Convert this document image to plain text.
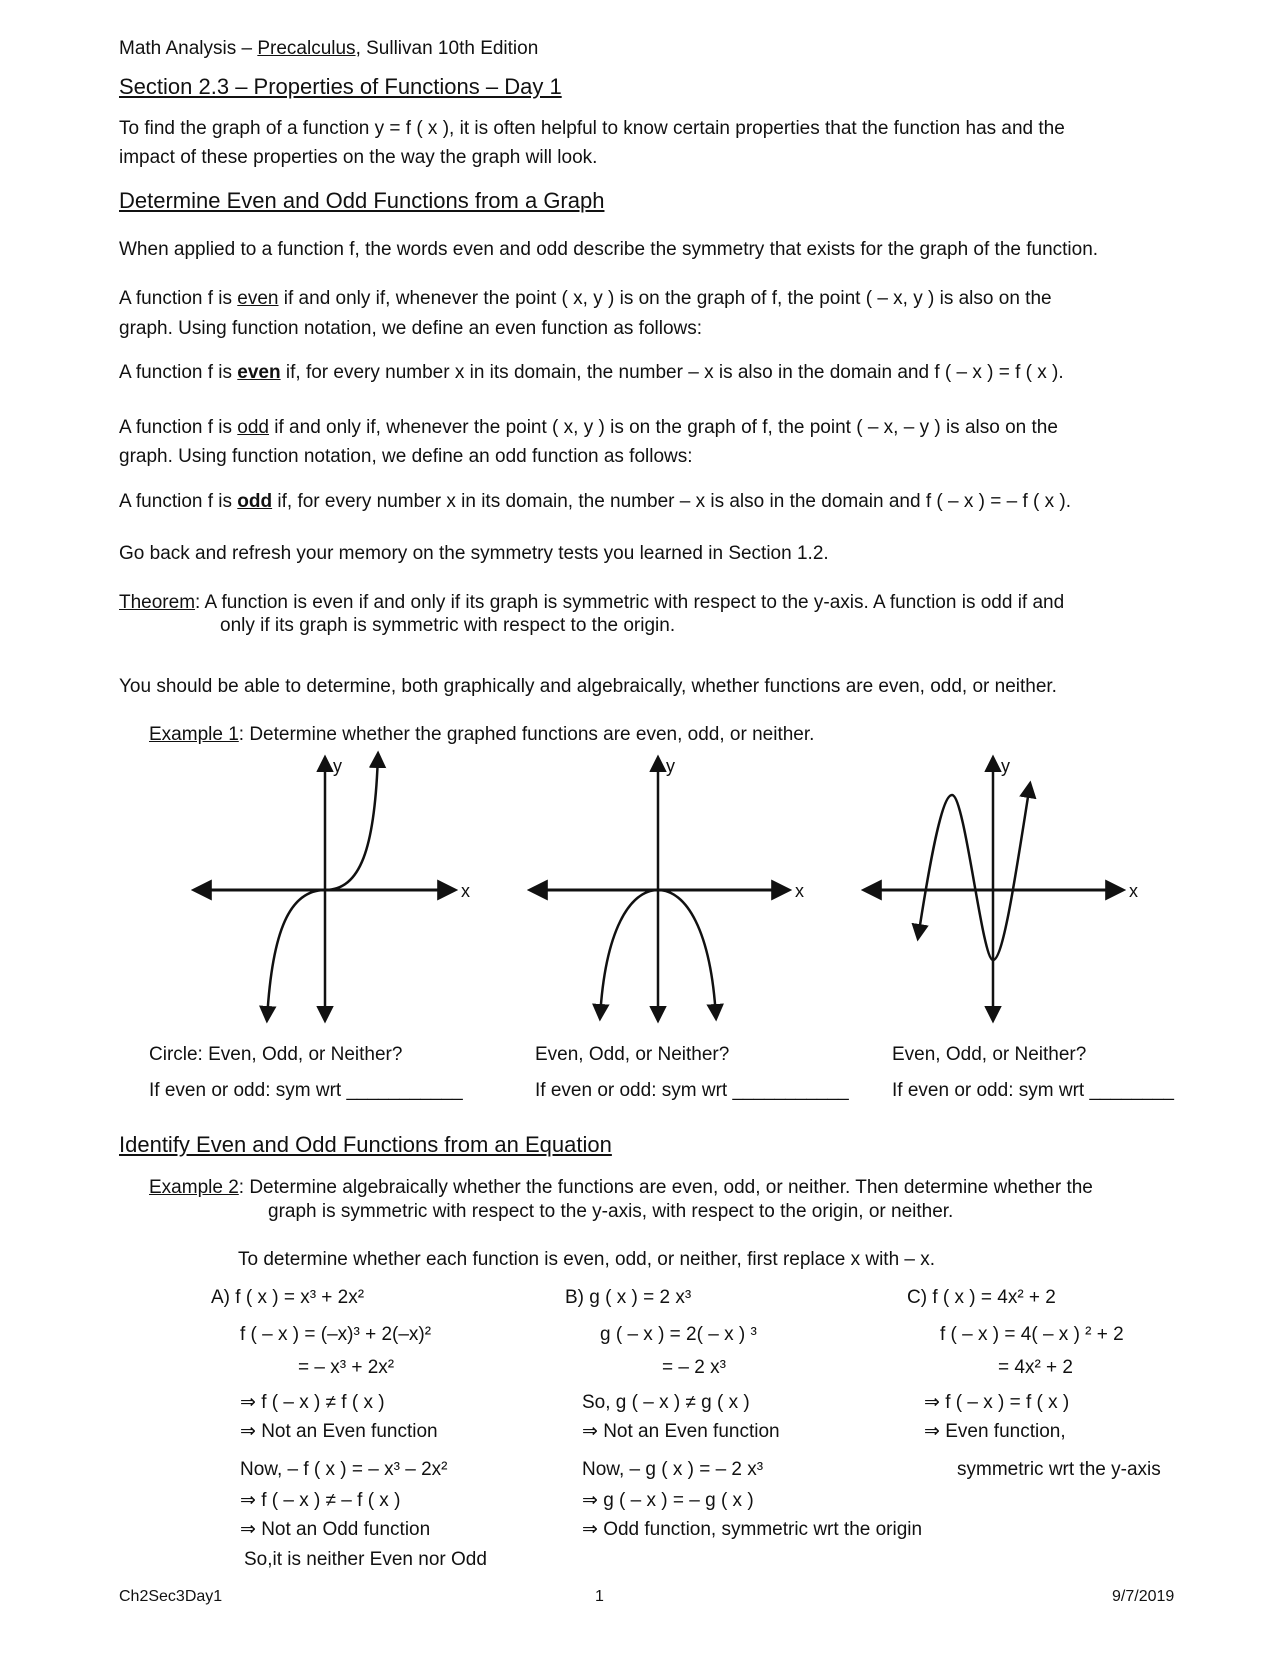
Math Analysis – Precalculus, Sullivan 10th Edition
Section 2.3 – Properties of Functions – Day 1
To find the graph of a function y = f ( x ), it is often helpful to know certain properties that the function has and the
impact of these properties on the way the graph will look.
Determine Even and Odd Functions from a Graph
When applied to a function f, the words even and odd describe the symmetry that exists for the graph of the function.
A function f is even if and only if, whenever the point ( x, y ) is on the graph of f, the point ( – x, y ) is also on the
graph. Using function notation, we define an even function as follows:
A function f is even if, for every number x in its domain, the number – x is also in the domain and f ( – x ) = f ( x ).
A function f is odd if and only if, whenever the point ( x, y ) is on the graph of f, the point ( – x, – y ) is also on the
graph. Using function notation, we define an odd function as follows:
A function f is odd if, for every number x in its domain, the number – x is also in the domain and f ( – x ) = – f ( x ).
Go back and refresh your memory on the symmetry tests you learned in Section 1.2.
Theorem: A function is even if and only if its graph is symmetric with respect to the y-axis. A function is odd if and
only if its graph is symmetric with respect to the origin.
You should be able to determine, both graphically and algebraically, whether functions are even, odd, or neither.
Example 1: Determine whether the graphed functions are even, odd, or neither.
y
x
y
x
y
x
Circle: Even, Odd, or Neither?	Even, Odd, or Neither?	Even, Odd, or Neither?
If even or odd: sym wrt ___________	If even or odd: sym wrt ___________ If even or odd: sym wrt ________
Identify Even and Odd Functions from an Equation
Example 2: Determine algebraically whether the functions are even, odd, or neither. Then determine whether the
graph is symmetric with respect to the y-axis, with respect to the origin, or neither.
To determine whether each function is even, odd, or neither, first replace x with – x.
A) f ( x ) = x³ + 2x²
f ( – x ) = (–x)³ + 2(–x)²
= – x³ + 2x²
⇒ f ( – x ) ≠ f ( x )
⇒ Not an Even function
Now, – f ( x ) = – x³ – 2x²
⇒ f ( – x ) ≠ – f ( x )
⇒ Not an Odd function
So,it is neither Even nor Odd
B) g ( x ) = 2 x³
g ( – x ) = 2( – x ) ³
= – 2 x³
So, g ( – x ) ≠ g ( x )
⇒ Not an Even function
Now, – g ( x ) = – 2 x³
⇒ g ( – x ) = – g ( x )
⇒ Odd function, symmetric wrt the origin
C) f ( x ) = 4x² + 2
f ( – x ) = 4( – x ) ² + 2
= 4x² + 2
⇒ f ( – x ) = f ( x )
⇒ Even function,
symmetric wrt the y-axis
Ch2Sec3Day1	1	9/7/2019
